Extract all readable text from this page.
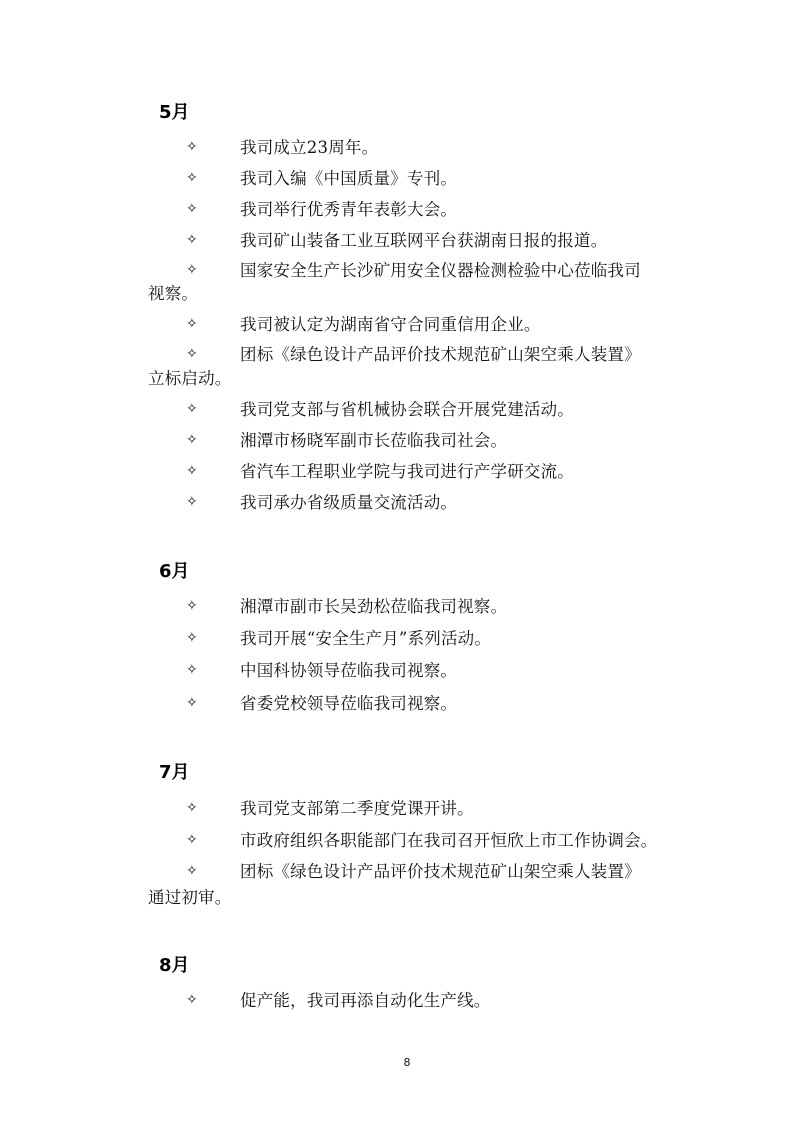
5月
✧	我司成立23周年。
✧	我司入编《中国质量》专刊。
✧	我司举行优秀青年表彰大会。
✧	我司矿山装备工业互联网平台获湖南日报的报道。
✧	国家安全生产长沙矿用安全仪器检测检验中心莅临我司
视察。
✧	我司被认定为湖南省守合同重信用企业。
✧	团标《绿色设计产品评价技术规范矿山架空乘人装置》
立标启动。
✧	我司党支部与省机械协会联合开展党建活动。
✧	湘潭市杨晓军副市长莅临我司社会。
✧	省汽车工程职业学院与我司进行产学研交流。
✧	我司承办省级质量交流活动。
6月
✧	湘潭市副市长吴劲松莅临我司视察。
✧	我司开展“安全生产月”系列活动。
✧	中国科协领导莅临我司视察。
✧	省委党校领导莅临我司视察。
7月
✧	我司党支部第二季度党课开讲。
✧	市政府组织各职能部门在我司召开恒欣上市工作协调会。
✧	团标《绿色设计产品评价技术规范矿山架空乘人装置》
通过初审。
8月
✧	促产能，我司再添自动化生产线。
8
